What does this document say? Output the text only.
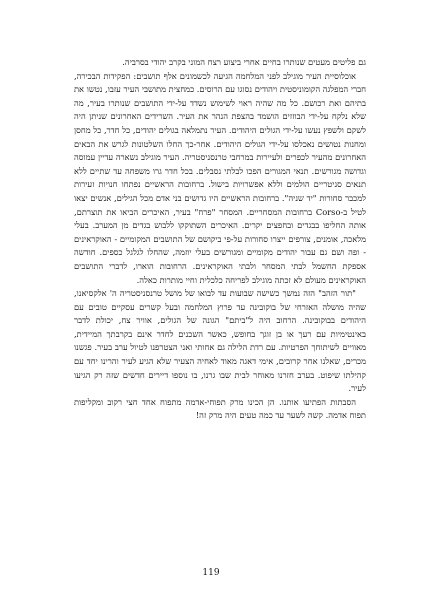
גם פליטים מעטים שנותרו בחיים אחרי ביצוע רצח המוני בקרב יהודי בסרביה.

אוכלוסיית העיר מוגילב לפני המלחמה הגיעה לכשמונים אלף תושבים: הפקידות הבכירה, חברי המפלגה הקומוניסטית ויהודים נסוגו עם הרוסים. כמחצית מתושבי העיר עזבו, נטשו את בתיהם ואת רכושם. כל מה שהיה ראוי לשימוש נשדד על-ידי התושבים שנותרו בעיר, מה שלא נלקח על-ידי הבוזזים הושמד בהצפת הנהר את העיר. השרידים האחרונים שניתן היה לשקם ולשפץ נעשו על-ידי הגולים היהודים. העיר נתמלאה בגולים יהודים, כל חדר, כל מחסן ומחנות נטושים נאכלסו על-ידי הגולים היהודים. אחר-כך החלו השלטונות לגרש את הבאים האחרונים מהעיר לכפרים ולעיירות במרחבי טרנסניסטריה. העיר מוגילב נשארה עדיין עמוסה וגדושה מגורשים. תנאי המגורים הפכו לבלתי נסבלים. בכל חדר גרו משפחה עד שתיים ללא תנאים סניטריים הולמים וללא אפשרויות בישול. ברחובות הראשיים נפתחו חנויות זעירות למכבר סחורות "יד שניה". ברחובות הראשיים היו גדושים בני אדם מכל הגילים, אנשים יצאו לטיל ב-Corso ברחובות המסחריים. המסחר "פרח" בעיר, האיכרים הביאו את תוצרתם, אותה החליפו בבגדים ובחפצים יקרים. האיכרים השתוקקו ללבוש בגדים מן המערב. בעלי מלאכה, אומנים, צורפים ייצרו סחורות על-פי ביקושם של התושבים המקומיים - האוקראינים - ופה ושם גם עבור יהודים מקומיים ומגורשים בעלי יוזמה, שהחלו לגלגל כספים. חודשה אספקת החשמל לבתי המסחר ולבתי האוקראינים. הרחובות הוארו, לדברי התושבים האוקראינים מעולם לא זכתה מוגילב לפריחה כלכלית וחיי מותרות כאלה.

"תור הזהב" הזה נמשך כשישה שבועות עד לבואו של מושל טרנסניסטריה ה' אלקסיאנו, שהיה מושלה האזרחי של בוקובינה עד פרוץ המלחמה ובעל קשרים עסקיים טובים עם היהודים בבוקובינה. הרחוב היה ל"ביתם" הגונה של הגולים, אוויר צח, יכולת לדבר באינטימיות עם רעך או בן זוגך בחופש, כאשר השכנים לחדר אינם בקרבתך המיידית, מאוויים לשיתוחך הפרטיות. עם רדת הלילה גם אחותי ואני הצטרפנו לטיול ערב בעיר. פגשנו מכרים, שאלנו אחר קרובים, אימי דאגה מאוד לאחיה הצעיר שלא הגיע לעיר והרינו יחד עם קהילתו שיפוט. בערב חזרנו מאוחר לבית שבו גרנו, בו נוספו דיירים חדשים שזה רק הגיעו לעיר.

הסבתות הפתיעו אותנו. הן הכינו מרק תפוחי-אדמה מתפוח אחד חצי רקוב ומקליפות תפוח אדמה. קשה לשער עד כמה טעים היה מרק זה!

119
